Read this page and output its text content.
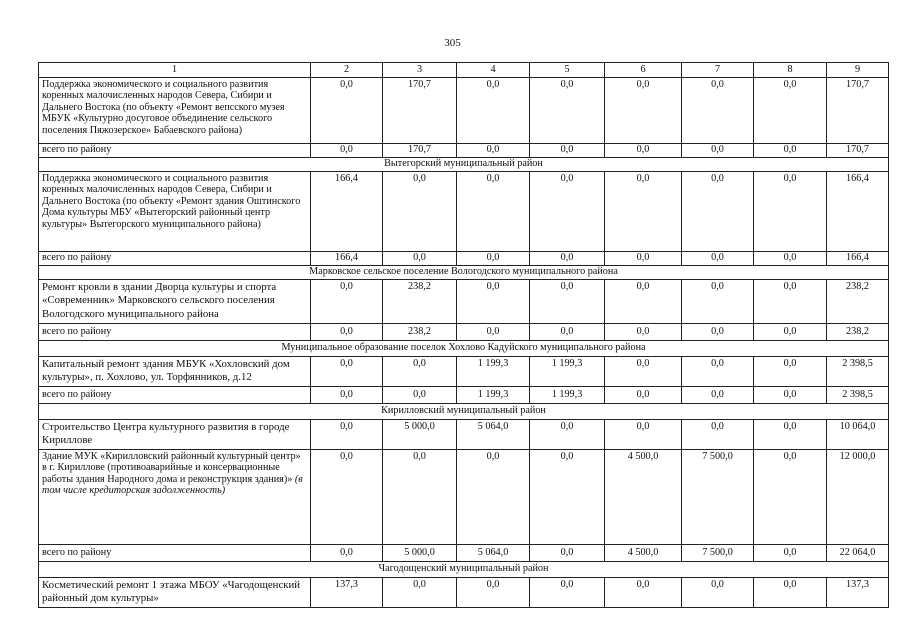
305
1	2	3	4	5	6	7	8	9
Поддержка экономического и социального развития коренных малочисленных народов Севера, Сибири и Дальнего Востока (по объекту «Ремонт вепсского музея МБУК «Культурно досуговое объединение сельского поселения Пяжозерское» Бабаевского района)	0,0	170,7	0,0	0,0	0,0	0,0	0,0	170,7
всего по району	0,0	170,7	0,0	0,0	0,0	0,0	0,0	170,7
Вытегорский муниципальный район								
Поддержка экономического и социального развития коренных малочисленных народов Севера, Сибири и Дальнего Востока (по объекту «Ремонт здания Оштинского Дома культуры МБУ «Вытегорский районный центр культуры» Вытегорского муниципального района)	166,4	0,0	0,0	0,0	0,0	0,0	0,0	166,4
всего по району	166,4	0,0	0,0	0,0	0,0	0,0	0,0	166,4
Марковское сельское поселение Вологодского муниципального района								
Ремонт кровли в здании Дворца культуры и спорта «Современник» Марковского сельского поселения Вологодского муниципального района	0,0	238,2	0,0	0,0	0,0	0,0	0,0	238,2
всего по району	0,0	238,2	0,0	0,0	0,0	0,0	0,0	238,2
Муниципальное образование поселок Хохлово Кадуйского муниципального района								
Капитальный ремонт здания МБУК «Хохловский дом культуры», п. Хохлово, ул. Торфянников, д.12	0,0	0,0	1 199,3	1 199,3	0,0	0,0	0,0	2 398,5
всего по району	0,0	0,0	1 199,3	1 199,3	0,0	0,0	0,0	2 398,5
Кирилловский муниципальный район								
Строительство Центра культурного развития в городе Кириллове	0,0	5 000,0	5 064,0	0,0	0,0	0,0	0,0	10 064,0
Здание МУК «Кирилловский районный культурный центр» в г. Кириллове (противоаварийные и консервационные работы здания Народного дома и реконструкция здания)» (в том числе кредиторская задолженность)	0,0	0,0	0,0	0,0	4 500,0	7 500,0	0,0	12 000,0
всего по району	0,0	5 000,0	5 064,0	0,0	4 500,0	7 500,0	0,0	22 064,0
Чагодощенский муниципальный район								
Косметический ремонт 1 этажа МБОУ «Чагодощенский районный дом культуры»	137,3	0,0	0,0	0,0	0,0	0,0	0,0	137,3
